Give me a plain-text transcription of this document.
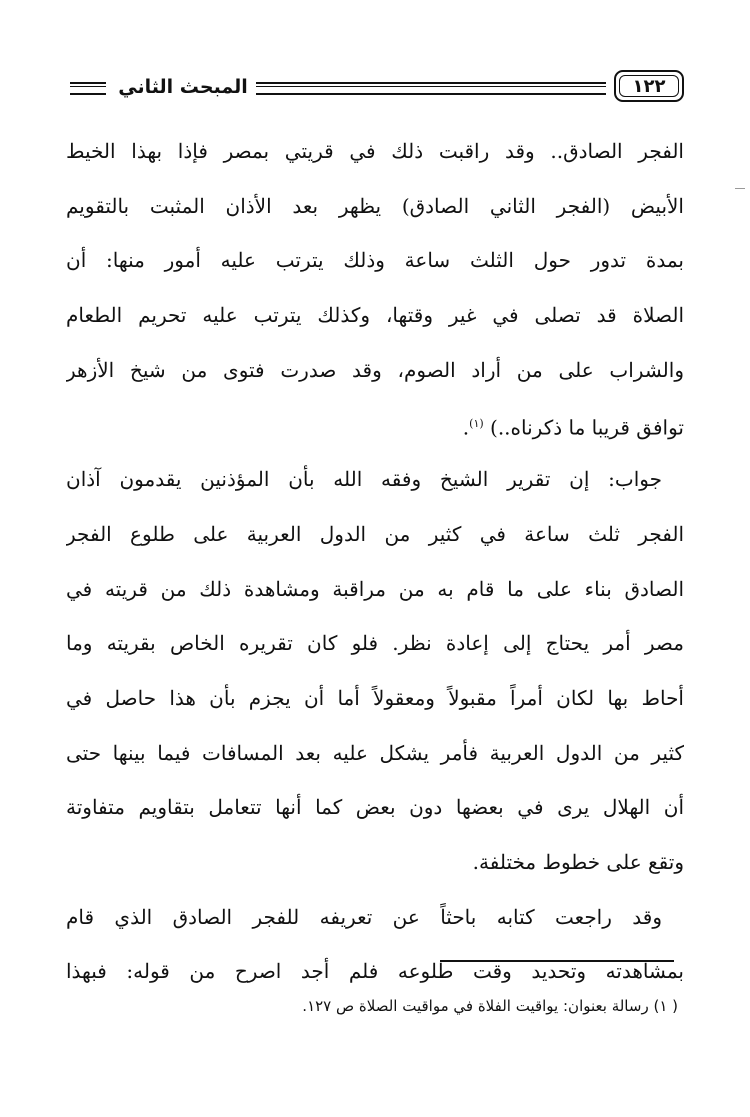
المبحث الثاني	١٢٢
الفجر الصادق.. وقد راقبت ذلك في قريتي بمصر فإذا بهذا الخيط
الأبيض (الفجر الثاني الصادق) يظهر بعد الأذان المثبت بالتقويم
بمدة تدور حول الثلث ساعة وذلك يترتب عليه أمور منها: أن
الصلاة قد تصلى في غير وقتها، وكذلك يترتب عليه تحريم الطعام
والشراب على من أراد الصوم، وقد صدرت فتوى من شيخ الأزهر
توافق قريبا ما ذكرناه..) $^{(١)}$.
جواب: إن تقرير الشيخ وفقه الله بأن المؤذنين يقدمون آذان
الفجر ثلث ساعة في كثير من الدول العربية على طلوع الفجر
الصادق بناء على ما قام به من مراقبة ومشاهدة ذلك من قريته في
مصر أمر يحتاج إلى إعادة نظر. فلو كان تقريره الخاص بقريته وما
أحاط بها لكان أمراً مقبولاً ومعقولاً أما أن يجزم بأن هذا حاصل في
كثير من الدول العربية فأمر يشكل عليه بعد المسافات فيما بينها حتى
أن الهلال يرى في بعضها دون بعض كما أنها تتعامل بتقاويم متفاوتة
وتقع على خطوط مختلفة.
وقد راجعت كتابه باحثاً عن تعريفه للفجر الصادق الذي قام
بمشاهدته وتحديد وقت طلوعه فلم أجد اصرح من قوله: فبهذا
( ١) رسالة بعنوان: يواقيت الفلاة في مواقيت الصلاة ص ١٢٧.
